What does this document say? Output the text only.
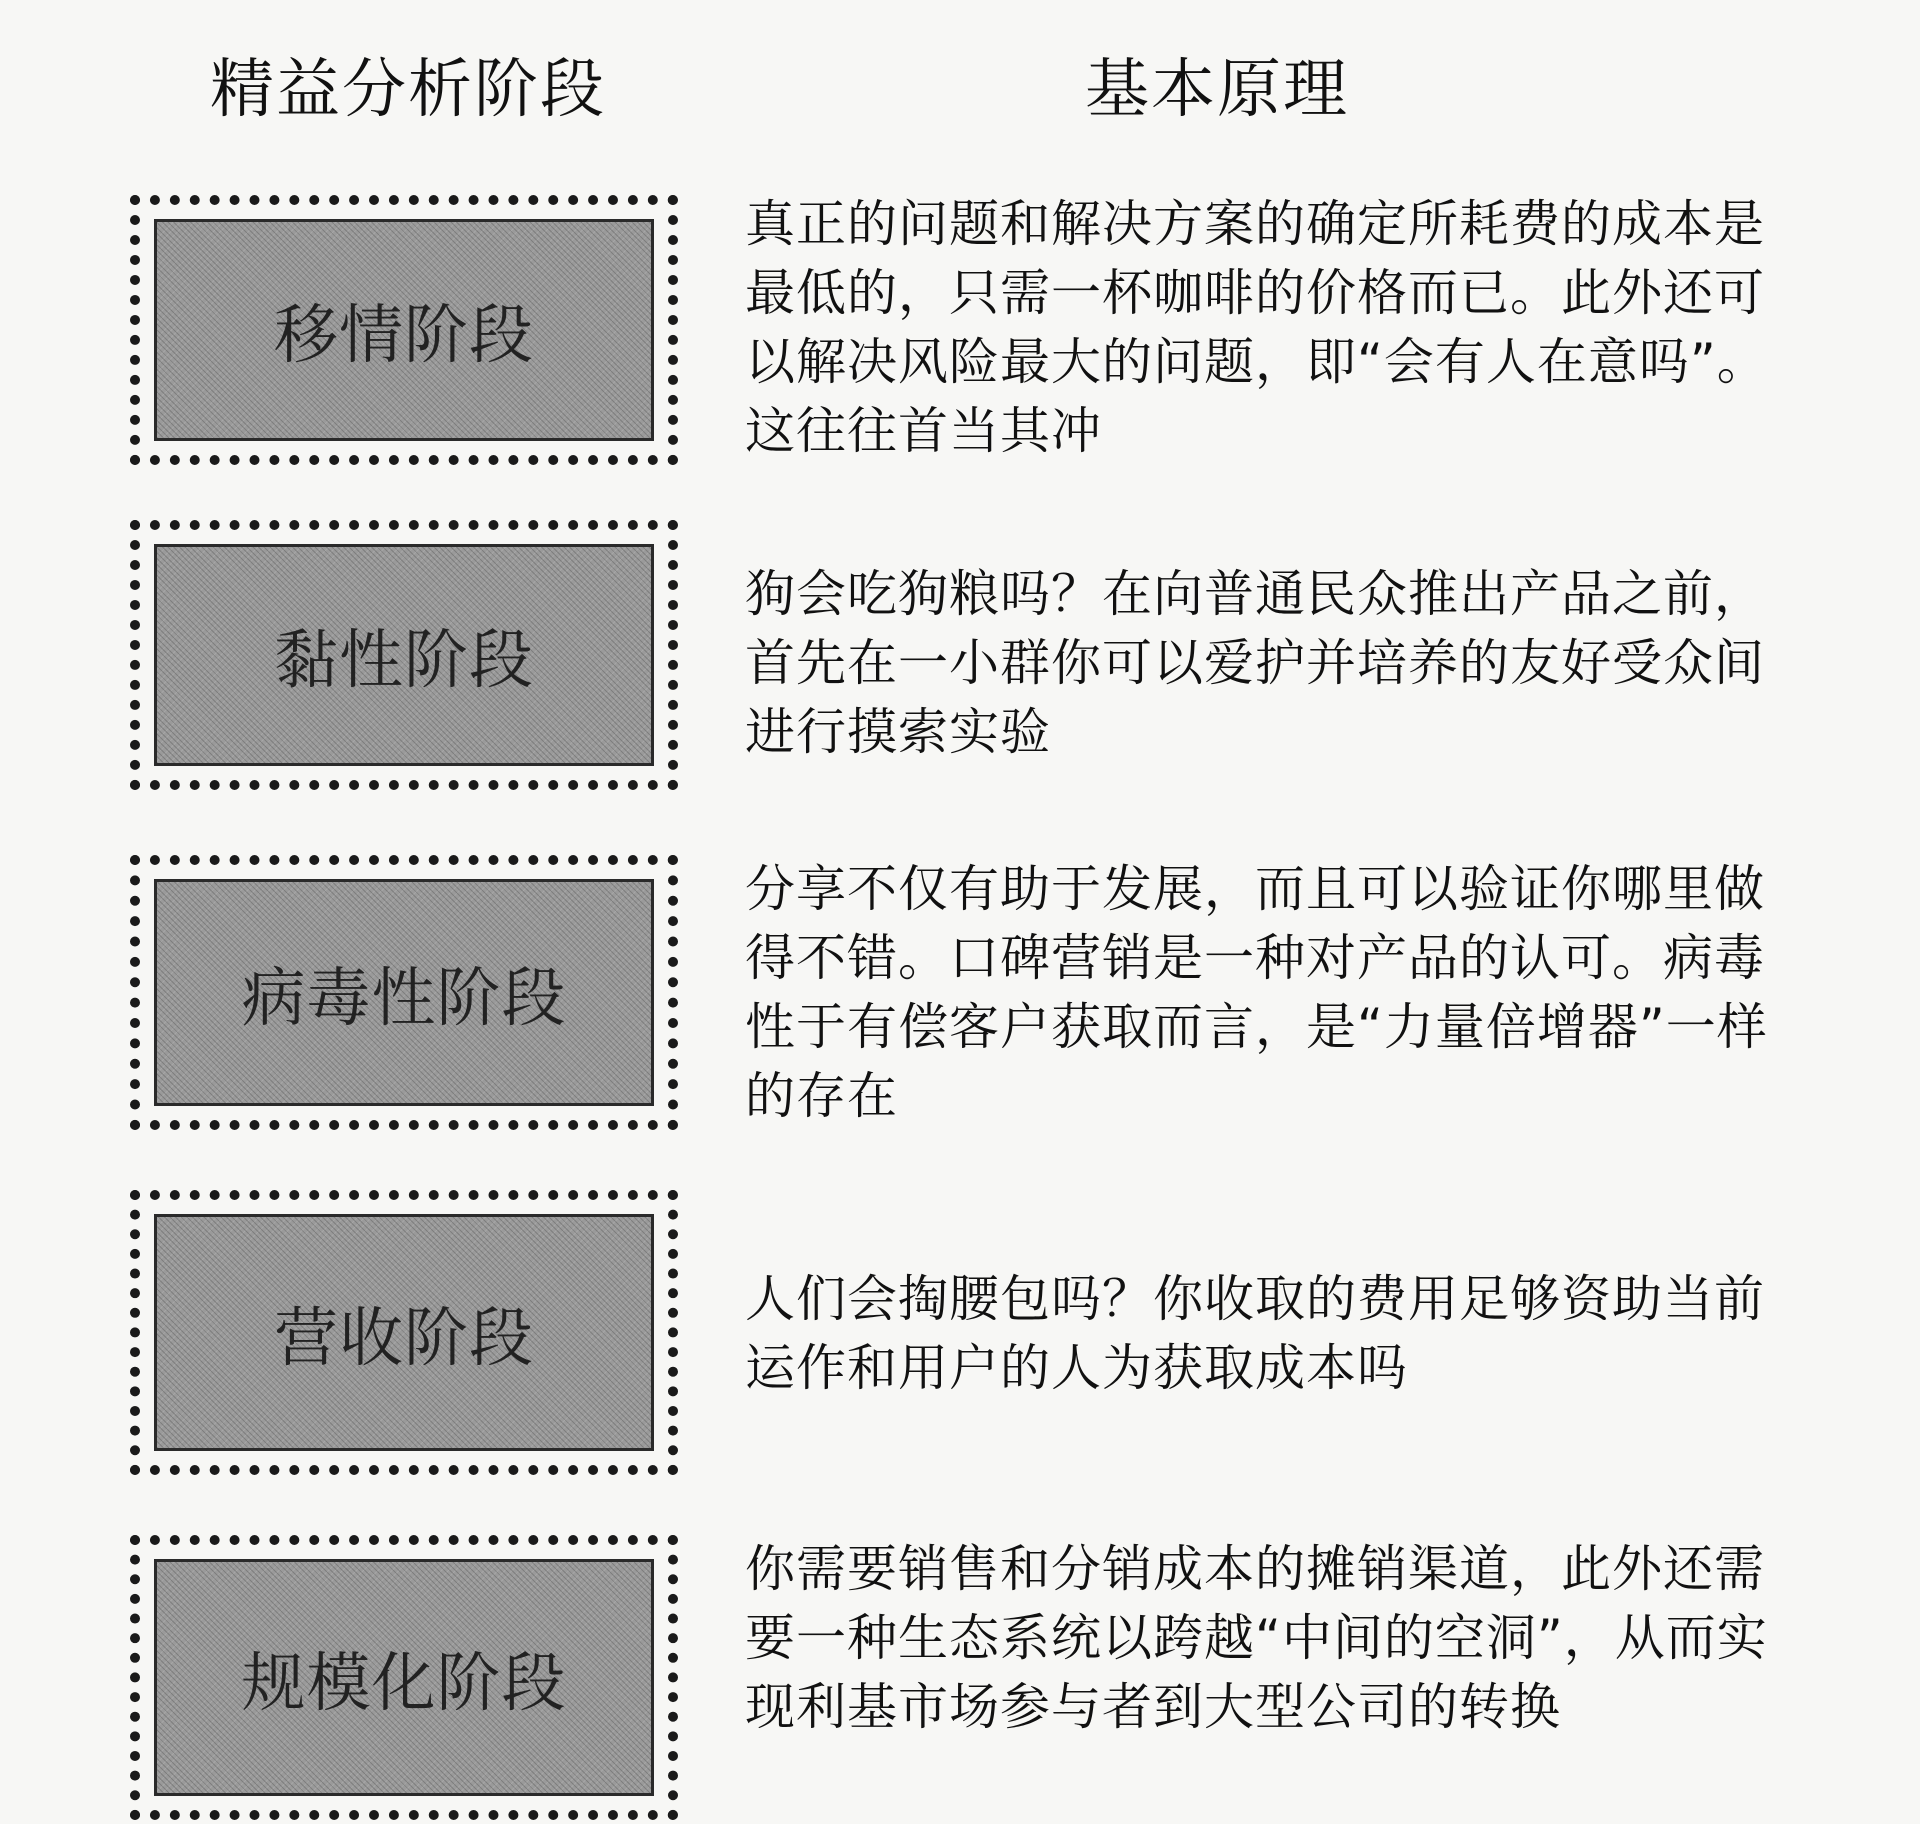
精益分析阶段	基本原理
移情阶段
真正的问题和解决方案的确定所耗费的成本是最低的，只需一杯咖啡的价格而已。此外还可以解决风险最大的问题，即“会有人在意吗”。这往往首当其冲
黏性阶段
狗会吃狗粮吗？在向普通民众推出产品之前，首先在一小群你可以爱护并培养的友好受众间进行摸索实验
病毒性阶段
分享不仅有助于发展，而且可以验证你哪里做得不错。口碑营销是一种对产品的认可。病毒性于有偿客户获取而言，是“力量倍增器”一样的存在
营收阶段
人们会掏腰包吗？你收取的费用足够资助当前运作和用户的人为获取成本吗
规模化阶段
你需要销售和分销成本的摊销渠道，此外还需要一种生态系统以跨越“中间的空洞”，从而实现利基市场参与者到大型公司的转换
